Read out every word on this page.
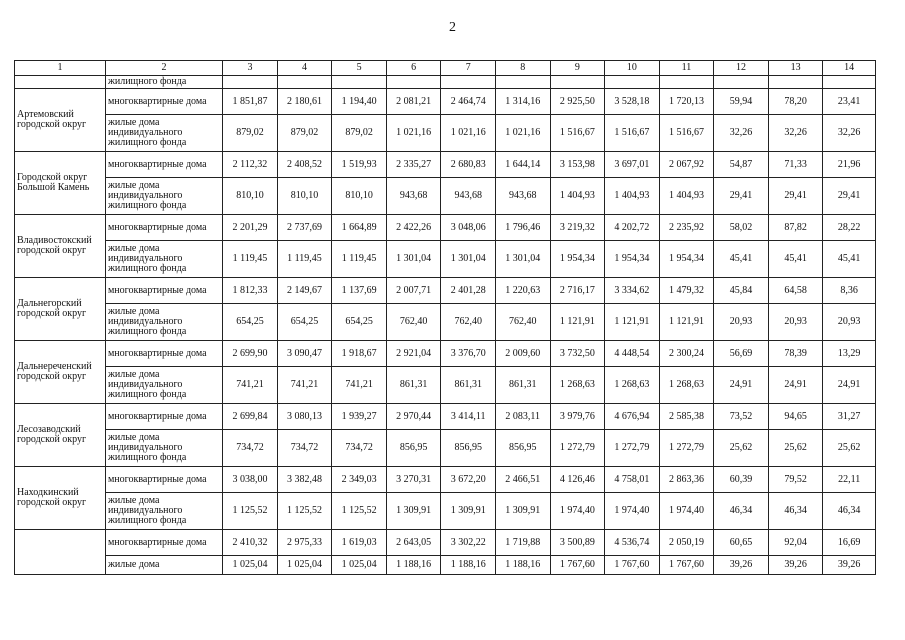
2
1	2	3	4	5	6	7	8	9	10	11	12	13	14
	жилищного фонда												
Артемовский городской округ	многоквартирные дома	1 851,87	2 180,61	1 194,40	2 081,21	2 464,74	1 314,16	2 925,50	3 528,18	1 720,13	59,94	78,20	23,41
	жилые дома индивидуального жилищного фонда	879,02	879,02	879,02	1 021,16	1 021,16	1 021,16	1 516,67	1 516,67	1 516,67	32,26	32,26	32,26
Городской округ Большой Камень	многоквартирные дома	2 112,32	2 408,52	1 519,93	2 335,27	2 680,83	1 644,14	3 153,98	3 697,01	2 067,92	54,87	71,33	21,96
	жилые дома индивидуального жилищного фонда	810,10	810,10	810,10	943,68	943,68	943,68	1 404,93	1 404,93	1 404,93	29,41	29,41	29,41
Владивостокский городской округ	многоквартирные дома	2 201,29	2 737,69	1 664,89	2 422,26	3 048,06	1 796,46	3 219,32	4 202,72	2 235,92	58,02	87,82	28,22
	жилые дома индивидуального жилищного фонда	1 119,45	1 119,45	1 119,45	1 301,04	1 301,04	1 301,04	1 954,34	1 954,34	1 954,34	45,41	45,41	45,41
Дальнегорский городской округ	многоквартирные дома	1 812,33	2 149,67	1 137,69	2 007,71	2 401,28	1 220,63	2 716,17	3 334,62	1 479,32	45,84	64,58	8,36
	жилые дома индивидуального жилищного фонда	654,25	654,25	654,25	762,40	762,40	762,40	1 121,91	1 121,91	1 121,91	20,93	20,93	20,93
Дальнереченский городской округ	многоквартирные дома	2 699,90	3 090,47	1 918,67	2 921,04	3 376,70	2 009,60	3 732,50	4 448,54	2 300,24	56,69	78,39	13,29
	жилые дома индивидуального жилищного фонда	741,21	741,21	741,21	861,31	861,31	861,31	1 268,63	1 268,63	1 268,63	24,91	24,91	24,91
Лесозаводский городской округ	многоквартирные дома	2 699,84	3 080,13	1 939,27	2 970,44	3 414,11	2 083,11	3 979,76	4 676,94	2 585,38	73,52	94,65	31,27
	жилые дома индивидуального жилищного фонда	734,72	734,72	734,72	856,95	856,95	856,95	1 272,79	1 272,79	1 272,79	25,62	25,62	25,62
Находкинский городской округ	многоквартирные дома	3 038,00	3 382,48	2 349,03	3 270,31	3 672,20	2 466,51	4 126,46	4 758,01	2 863,36	60,39	79,52	22,11
	жилые дома индивидуального жилищного фонда	1 125,52	1 125,52	1 125,52	1 309,91	1 309,91	1 309,91	1 974,40	1 974,40	1 974,40	46,34	46,34	46,34
	многоквартирные дома	2 410,32	2 975,33	1 619,03	2 643,05	3 302,22	1 719,88	3 500,89	4 536,74	2 050,19	60,65	92,04	16,69
	жилые дома	1 025,04	1 025,04	1 025,04	1 188,16	1 188,16	1 188,16	1 767,60	1 767,60	1 767,60	39,26	39,26	39,26
